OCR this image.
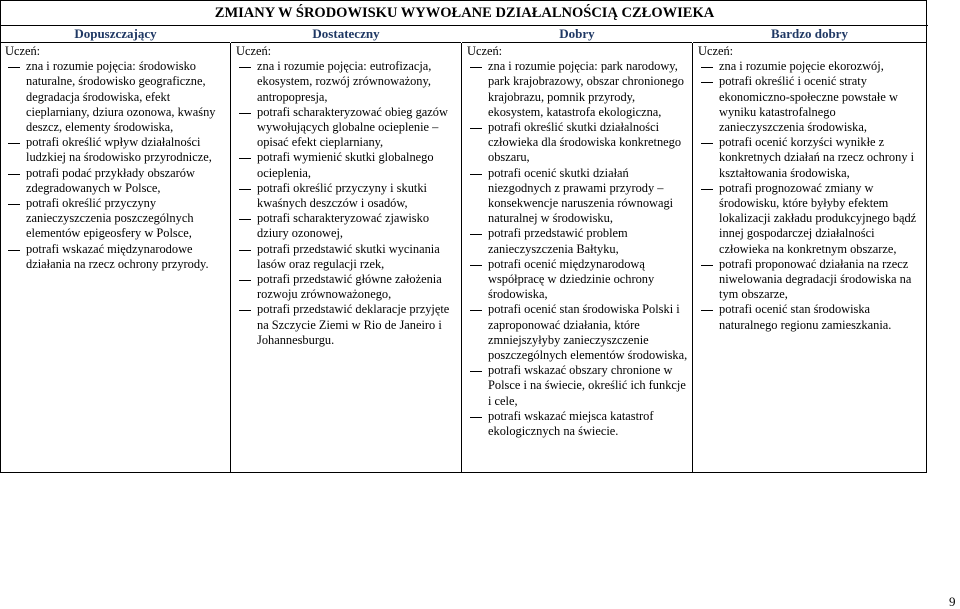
ZMIANY W ŚRODOWISKU WYWOŁANE DZIAŁALNOŚCIĄ CZŁOWIEKA
Dopuszczający	Dostateczny	Dobry	Bardzo dobry
Uczeń:
zna i rozumie pojęcia: środowisko naturalne, środowisko geograficzne, degradacja środowiska, efekt cieplarniany, dziura ozonowa, kwaśny deszcz, elementy środowiska,
potrafi określić wpływ działalności ludzkiej na środowisko przyrodnicze,
potrafi podać przykłady obszarów zdegradowanych w Polsce,
potrafi określić przyczyny zanieczyszczenia poszczególnych elementów epigeosfery w Polsce,
potrafi wskazać międzynarodowe działania na rzecz ochrony przyrody.
Uczeń:
zna i rozumie pojęcia: eutrofizacja, ekosystem, rozwój zrównoważony, antropopresja,
potrafi scharakteryzować obieg gazów wywołujących globalne ocieplenie – opisać efekt cieplarniany,
potrafi wymienić skutki globalnego ocieplenia,
potrafi określić przyczyny i skutki kwaśnych deszczów i osadów,
potrafi scharakteryzować zjawisko dziury ozonowej,
potrafi przedstawić skutki wycinania lasów oraz regulacji rzek,
potrafi przedstawić główne założenia rozwoju zrównoważonego,
potrafi przedstawić deklaracje przyjęte na Szczycie Ziemi w Rio de Janeiro i Johannesburgu.
Uczeń:
zna i rozumie pojęcia: park narodowy, park krajobrazowy, obszar chronionego krajobrazu, pomnik przyrody, ekosystem, katastrofa ekologiczna,
potrafi określić skutki działalności człowieka dla środowiska konkretnego obszaru,
potrafi ocenić skutki działań niezgodnych z prawami przyrody – konsekwencje naruszenia równowagi naturalnej w środowisku,
potrafi przedstawić problem zanieczyszczenia Bałtyku,
potrafi ocenić międzynarodową współpracę w dziedzinie ochrony środowiska,
potrafi ocenić stan środowiska Polski i zaproponować działania, które zmniejszyłyby zanieczyszczenie poszczególnych elementów środowiska,
potrafi wskazać obszary chronione w Polsce i na świecie, określić ich funkcje i cele,
potrafi wskazać miejsca katastrof ekologicznych na świecie.
Uczeń:
zna i rozumie pojęcie ekorozwój,
potrafi określić i ocenić straty ekonomiczno-społeczne powstałe w wyniku katastrofalnego zanieczyszczenia środowiska,
potrafi ocenić korzyści wynikłe z konkretnych działań na rzecz ochrony i kształtowania środowiska,
potrafi prognozować zmiany w środowisku, które byłyby efektem lokalizacji zakładu produkcyjnego bądź innej gospodarczej działalności człowieka na konkretnym obszarze,
potrafi proponować działania na rzecz niwelowania degradacji środowiska na tym obszarze,
potrafi ocenić stan środowiska naturalnego regionu zamieszkania.
9
